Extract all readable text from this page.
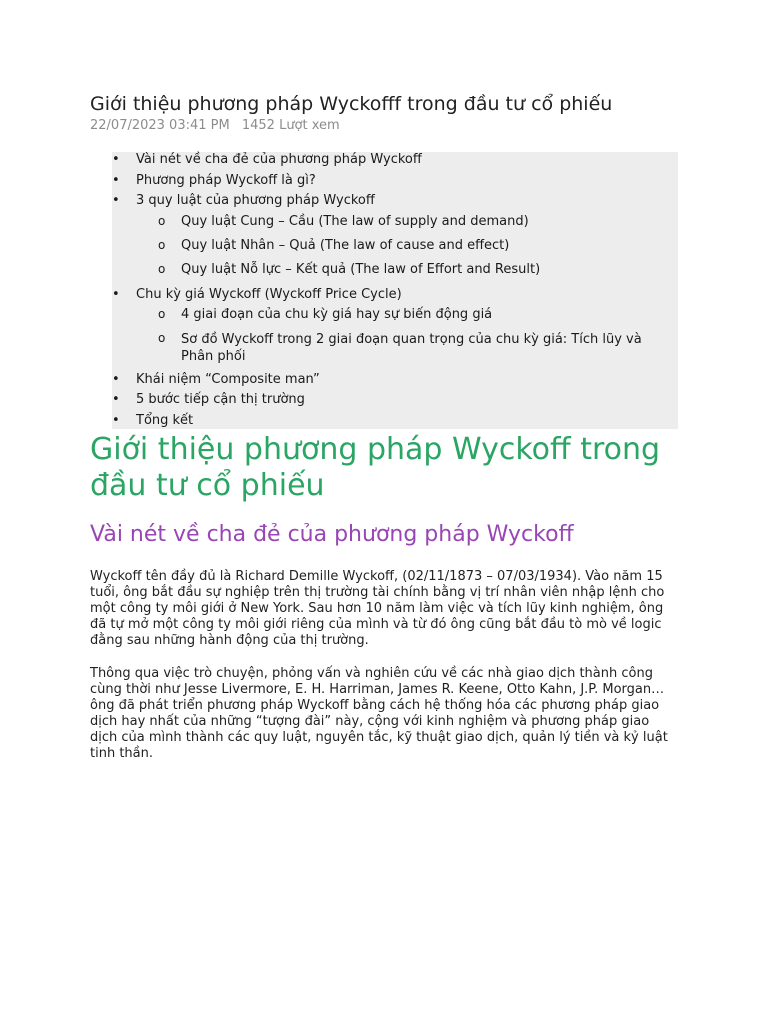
Giới thiệu phương pháp Wyckofff trong đầu tư cổ phiếu
22/07/2023 03:41 PM 1452 Lượt xem
• Vài nét về cha đẻ của phương pháp Wyckoff
• Phương pháp Wyckoff là gì?
• 3 quy luật của phương pháp Wyckoff
o Quy luật Cung – Cầu (The law of supply and demand)
o Quy luật Nhân – Quả (The law of cause and effect)
o Quy luật Nỗ lực – Kết quả (The law of Effort and Result)
• Chu kỳ giá Wyckoff (Wyckoff Price Cycle)
o 4 giai đoạn của chu kỳ giá hay sự biến động giá
o Sơ đồ Wyckoff trong 2 giai đoạn quan trọng của chu kỳ giá: Tích lũy và Phân phối
• Khái niệm “Composite man”
• 5 bước tiếp cận thị trường
• Tổng kết
Giới thiệu phương pháp Wyckoff trong đầu tư cổ phiếu
Vài nét về cha đẻ của phương pháp Wyckoff

Wyckoff tên đầy đủ là Richard Demille Wyckoff, (02/11/1873 – 07/03/1934). Vào năm 15 tuổi, ông bắt đầu sự nghiệp trên thị trường tài chính bằng vị trí nhân viên nhập lệnh cho một công ty môi giới ở New York. Sau hơn 10 năm làm việc và tích lũy kinh nghiệm, ông đã tự mở một công ty môi giới riêng của mình và từ đó ông cũng bắt đầu tò mò về logic đằng sau những hành động của thị trường.

Thông qua việc trò chuyện, phỏng vấn và nghiên cứu về các nhà giao dịch thành công cùng thời như Jesse Livermore, E. H. Harriman, James R. Keene, Otto Kahn, J.P. Morgan… ông đã phát triển phương pháp Wyckoff bằng cách hệ thống hóa các phương pháp giao dịch hay nhất của những “tượng đài” này, cộng với kinh nghiệm và phương pháp giao dịch của mình thành các quy luật, nguyên tắc, kỹ thuật giao dịch, quản lý tiền và kỷ luật tinh thần.
